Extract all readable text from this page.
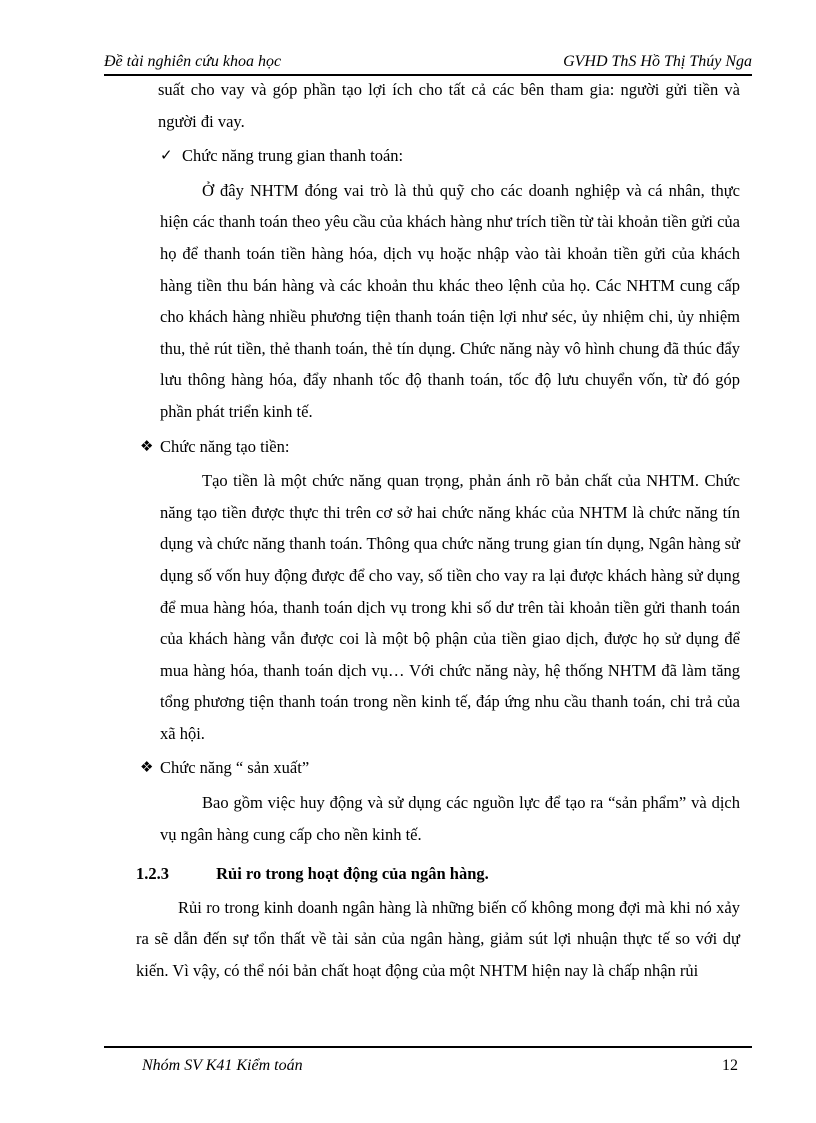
Đề tài nghiên cứu khoa học	GVHD ThS Hồ Thị Thúy Nga

suất cho vay và góp phần tạo lợi ích cho tất cả các bên tham gia: người gửi tiền và người đi vay.

✓ Chức năng trung gian thanh toán:

Ở đây NHTM đóng vai trò là thủ quỹ cho các doanh nghiệp và cá nhân, thực hiện các thanh toán theo yêu cầu của khách hàng như trích tiền từ tài khoản tiền gửi của họ để thanh toán tiền hàng hóa, dịch vụ hoặc nhập vào tài khoản tiền gửi của khách hàng tiền thu bán hàng và các khoản thu khác theo lệnh của họ. Các NHTM cung cấp cho khách hàng nhiều phương tiện thanh toán tiện lợi như séc, ủy nhiệm chi, ủy nhiệm thu, thẻ rút tiền, thẻ thanh toán, thẻ tín dụng. Chức năng này vô hình chung đã thúc đẩy lưu thông hàng hóa, đẩy nhanh tốc độ thanh toán, tốc độ lưu chuyển vốn, từ đó góp phần phát triển kinh tế.

❖ Chức năng tạo tiền:

Tạo tiền là một chức năng quan trọng, phản ánh rõ bản chất của NHTM. Chức năng tạo tiền được thực thi trên cơ sở hai chức năng khác của NHTM là chức năng tín dụng và chức năng thanh toán. Thông qua chức năng trung gian tín dụng, Ngân hàng sử dụng số vốn huy động được để cho vay, số tiền cho vay ra lại được khách hàng sử dụng để mua hàng hóa, thanh toán dịch vụ trong khi số dư trên tài khoản tiền gửi thanh toán của khách hàng vẫn được coi là một bộ phận của tiền giao dịch, được họ sử dụng để mua hàng hóa, thanh toán dịch vụ… Với chức năng này, hệ thống NHTM đã làm tăng tổng phương tiện thanh toán trong nền kinh tế, đáp ứng nhu cầu thanh toán, chi trả của xã hội.

❖ Chức năng “ sản xuất”

Bao gồm việc huy động và sử dụng các nguồn lực để tạo ra “sản phẩm” và dịch vụ ngân hàng cung cấp cho nền kinh tế.

1.2.3	Rủi ro trong hoạt động của ngân hàng.

Rủi ro trong kinh doanh ngân hàng là những biến cố không mong đợi mà khi nó xảy ra sẽ dẫn đến sự tổn thất về tài sản của ngân hàng, giảm sút lợi nhuận thực tế so với dự kiến. Vì vậy, có thể nói bản chất hoạt động của một NHTM hiện nay là chấp nhận rủi

Nhóm SV K41 Kiểm toán	12
